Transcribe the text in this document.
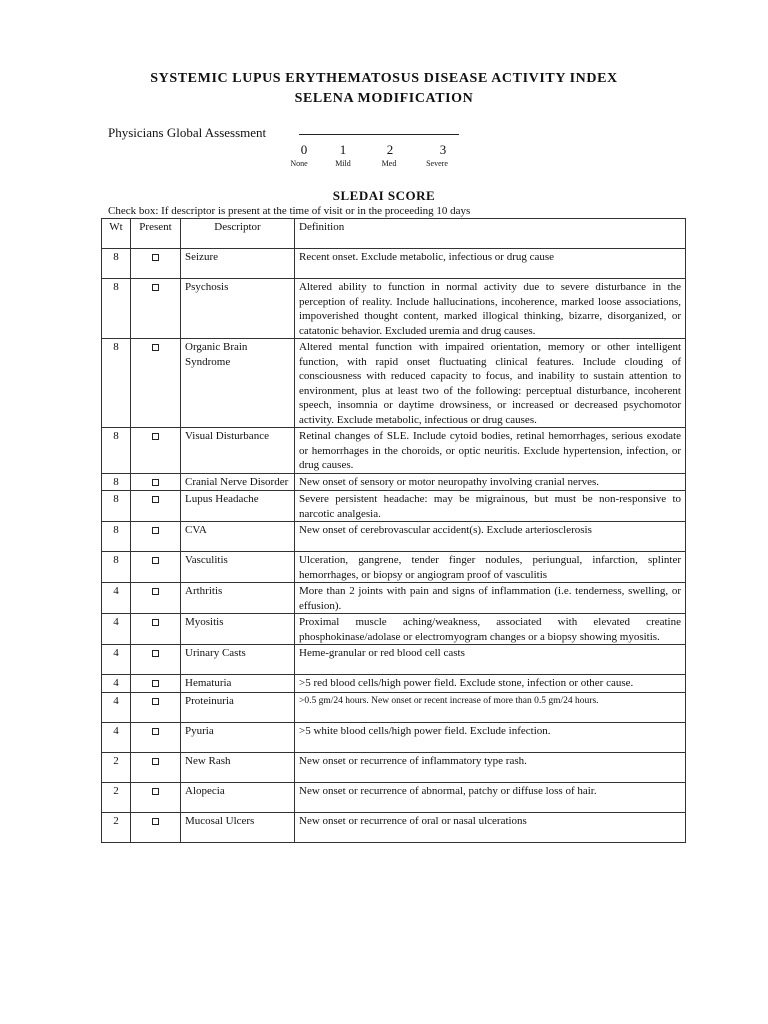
SYSTEMIC LUPUS ERYTHEMATOSUS DISEASE ACTIVITY INDEX
SELENA MODIFICATION
Physicians Global Assessment
0	1	2	3
None	Mild	Med	Severe
SLEDAI SCORE
Check box: If descriptor is present at the time of visit or in the proceeding 10 days
Wt	Present	Descriptor	Definition
8		Seizure	Recent onset. Exclude metabolic, infectious or drug cause
8		Psychosis	Altered ability to function in normal activity due to severe disturbance in the perception of reality. Include hallucinations, incoherence, marked loose associations, impoverished thought content, marked illogical thinking, bizarre, disorganized, or catatonic behavior. Excluded uremia and drug causes.
8		Organic Brain Syndrome	Altered mental function with impaired orientation, memory or other intelligent function, with rapid onset fluctuating clinical features. Include clouding of consciousness with reduced capacity to focus, and inability to sustain attention to environment, plus at least two of the following: perceptual disturbance, incoherent speech, insomnia or daytime drowsiness, or increased or decreased psychomotor activity. Exclude metabolic, infectious or drug causes.
8		Visual Disturbance	Retinal changes of SLE. Include cytoid bodies, retinal hemorrhages, serious exodate or hemorrhages in the choroids, or optic neuritis. Exclude hypertension, infection, or drug causes.
8		Cranial Nerve Disorder	New onset of sensory or motor neuropathy involving cranial nerves.
8		Lupus Headache	Severe persistent headache: may be migrainous, but must be non-responsive to narcotic analgesia.
8		CVA	New onset of cerebrovascular accident(s). Exclude arteriosclerosis
8		Vasculitis	Ulceration, gangrene, tender finger nodules, periungual, infarction, splinter hemorrhages, or biopsy or angiogram proof of vasculitis
4		Arthritis	More than 2 joints with pain and signs of inflammation (i.e. tenderness, swelling, or effusion).
4		Myositis	Proximal muscle aching/weakness, associated with elevated creatine phosphokinase/adolase or electromyogram changes or a biopsy showing myositis.
4		Urinary Casts	Heme-granular or red blood cell casts
4		Hematuria	>5 red blood cells/high power field. Exclude stone, infection or other cause.
4		Proteinuria	>0.5 gm/24 hours. New onset or recent increase of more than 0.5 gm/24 hours.
4		Pyuria	>5 white blood cells/high power field. Exclude infection.
2		New Rash	New onset or recurrence of inflammatory type rash.
2		Alopecia	New onset or recurrence of abnormal, patchy or diffuse loss of hair.
2		Mucosal Ulcers	New onset or recurrence of oral or nasal ulcerations
